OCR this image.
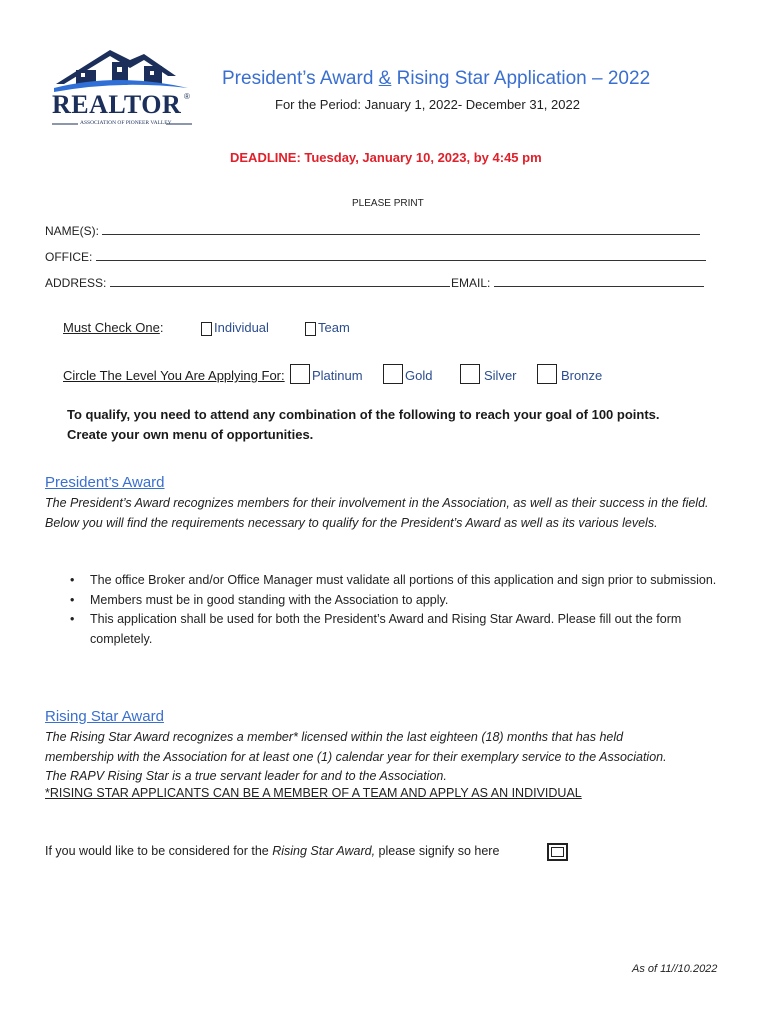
REALTOR ®
ASSOCIATION OF PIONEER VALLEY
President’s Award & Rising Star Application – 2022
For the Period: January 1, 2022- December 31, 2022
DEADLINE: Tuesday, January 10, 2023, by 4:45 pm
PLEASE PRINT
NAME(S):
OFFICE:
ADDRESS:	EMAIL:
Must Check One:	Individual	Team
Circle The Level You Are Applying For: Platinum	Gold	Silver	Bronze
To qualify, you need to attend any combination of the following to reach your goal of 100 points.
Create your own menu of opportunities.
President’s Award
The President’s Award recognizes members for their involvement in the Association, as well as their success in the field. Below you will find the requirements necessary to qualify for the President’s Award as well as its various levels.
• The office Broker and/or Office Manager must validate all portions of this application and sign prior to submission.
• Members must be in good standing with the Association to apply.
• This application shall be used for both the President’s Award and Rising Star Award. Please fill out the form completely.
Rising Star Award
The Rising Star Award recognizes a member* licensed within the last eighteen (18) months that has held
membership with the Association for at least one (1) calendar year for their exemplary service to the Association.
The RAPV Rising Star is a true servant leader for and to the Association.
*RISING STAR APPLICANTS CAN BE A MEMBER OF A TEAM AND APPLY AS AN INDIVIDUAL
If you would like to be considered for the Rising Star Award, please signify so here
As of 11//10.2022
